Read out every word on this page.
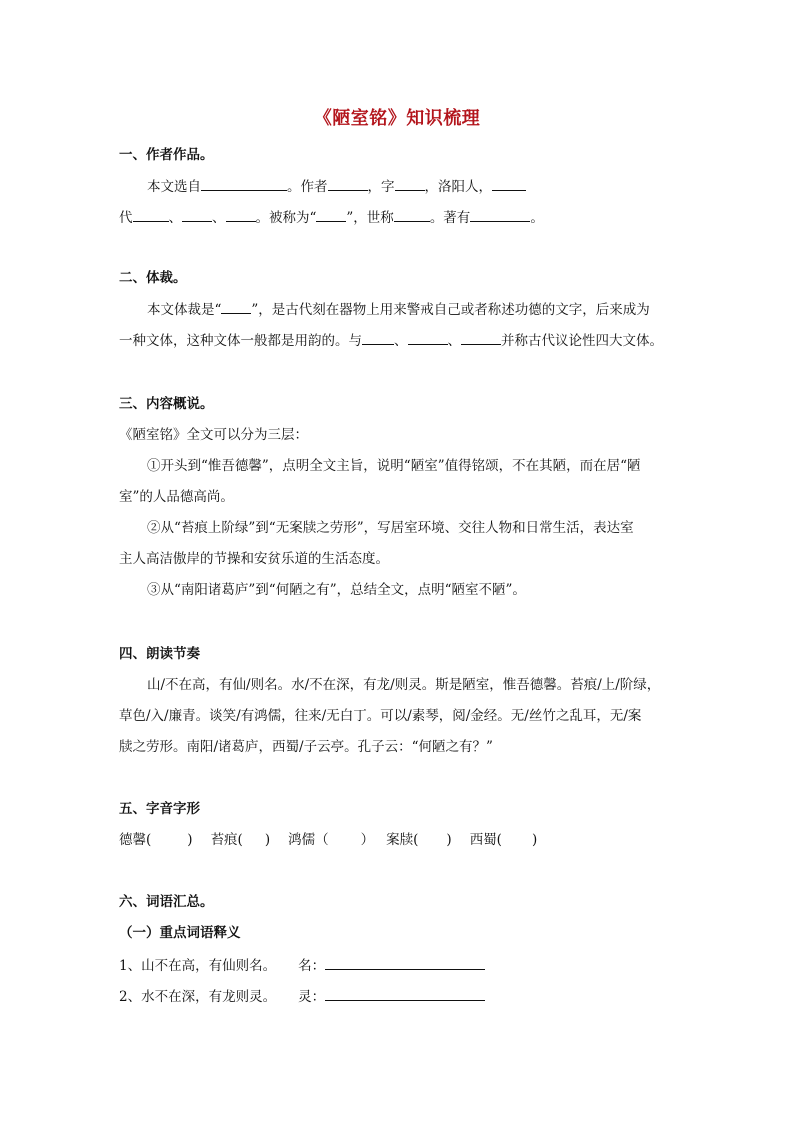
《陋室铭》知识梳理
一、作者作品。
本文选自	。作者	，字 ，洛阳人，
代	、 、 。被称为“ ”，世称	。著有	。
二、体裁。
本文体裁是“ ”，是古代刻在器物上用来警戒自己或者称述功德的文字，后来成为
一种文体，这种文体一般都是用韵的。与 、	、	并称古代议论性四大文体。
三、内容概说。
《陋室铭》全文可以分为三层：
①开头到“惟吾德馨”，点明全文主旨，说明“陋室”值得铭颂，不在其陋，而在居“陋
室”的人品德高尚。
②从“苔痕上阶绿”到“无案牍之劳形”，写居室环境、交往人物和日常生活，表达室
主人高洁傲岸的节操和安贫乐道的生活态度。
③从“南阳诸葛庐”到“何陋之有”，总结全文，点明“陋室不陋”。
四、朗读节奏
山/不在高，有仙/则名。水/不在深，有龙/则灵。斯是陋室，惟吾德馨。苔痕/上/阶绿，
草色/入/廉青。谈笑/有鸿儒，往来/无白丁。可以/素琴，阅/金经。无/丝竹之乱耳，无/案
牍之劳形。南阳/诸葛庐，西蜀/子云亭。孔子云：“何陋之有？”
五、字音字形
德馨(	) 苔痕( ) 鸿儒（ ） 案牍( ) 西蜀( )
六、词语汇总。
（一）重点词语释义
1、山不在高，有仙则名。 名：
2、水不在深，有龙则灵。 灵：
